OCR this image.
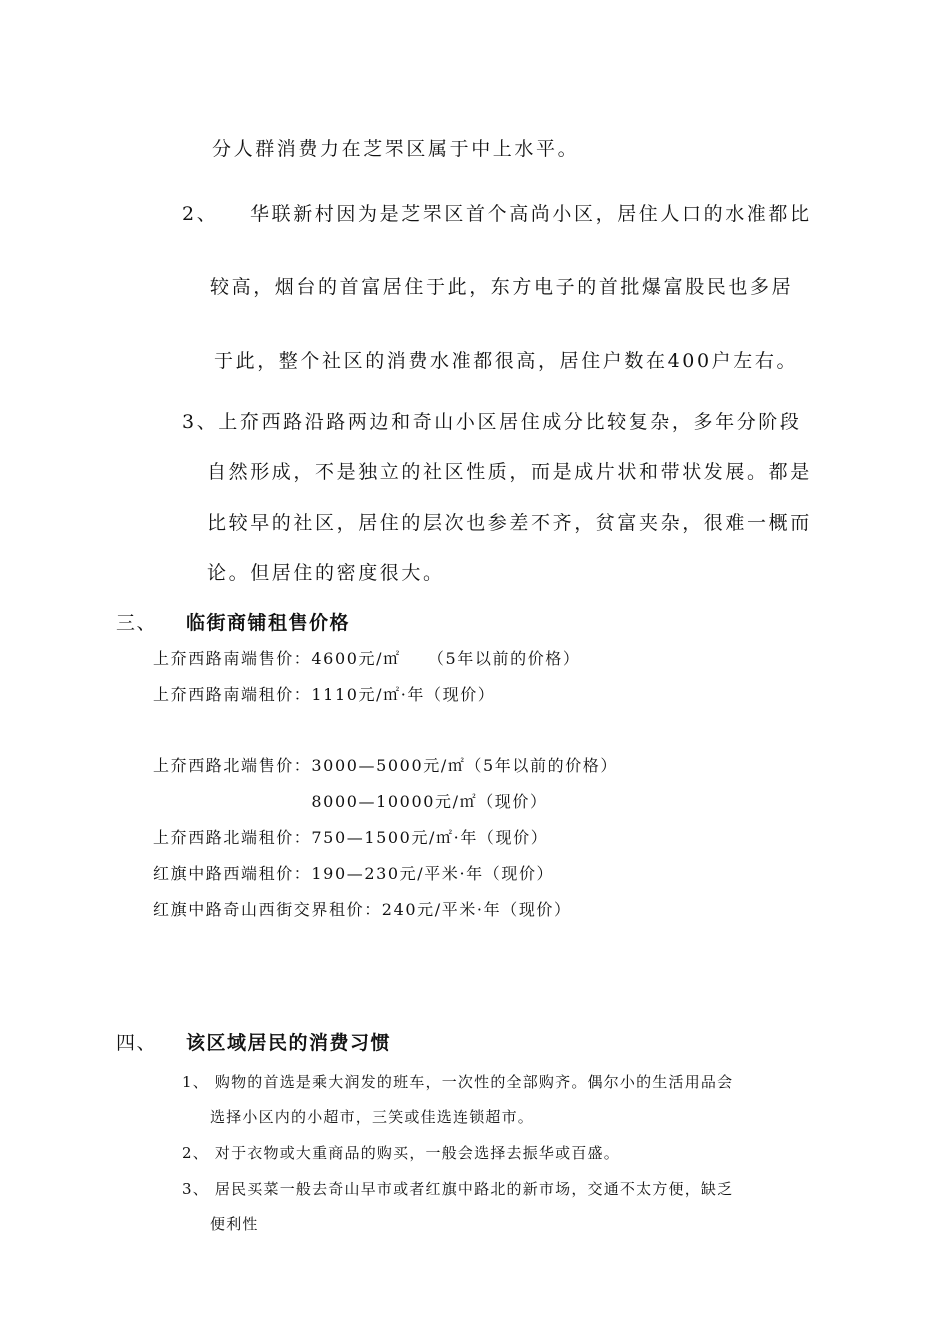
分人群消费力在芝罘区属于中上水平。
2、 华联新村因为是芝罘区首个高尚小区，居住人口的水准都比
较高，烟台的首富居住于此，东方电子的首批爆富股民也多居
于此，整个社区的消费水准都很高，居住户数在400户左右。
3、上夼西路沿路两边和奇山小区居住成分比较复杂，多年分阶段
自然形成，不是独立的社区性质，而是成片状和带状发展。都是
比较早的社区，居住的层次也参差不齐，贫富夹杂，很难一概而
论。但居住的密度很大。
三、 临街商铺租售价格
上夼西路南端售价：4600元/㎡　　（5年以前的价格）
上夼西路南端租价：1110元/㎡·年（现价）
上夼西路北端售价：3000—5000元/㎡（5年以前的价格）
　　　　　　　　　8000—10000元/㎡（现价）
上夼西路北端租价：750—1500元/㎡·年（现价）
红旗中路西端租价：190—230元/平米·年（现价）
红旗中路奇山西街交界租价：240元/平米·年（现价）
四、 该区域居民的消费习惯
1、 购物的首选是乘大润发的班车，一次性的全部购齐。偶尔小的生活用品会
选择小区内的小超市，三笑或佳选连锁超市。
2、 对于衣物或大重商品的购买，一般会选择去振华或百盛。
3、 居民买菜一般去奇山早市或者红旗中路北的新市场，交通不太方便，缺乏
便利性
